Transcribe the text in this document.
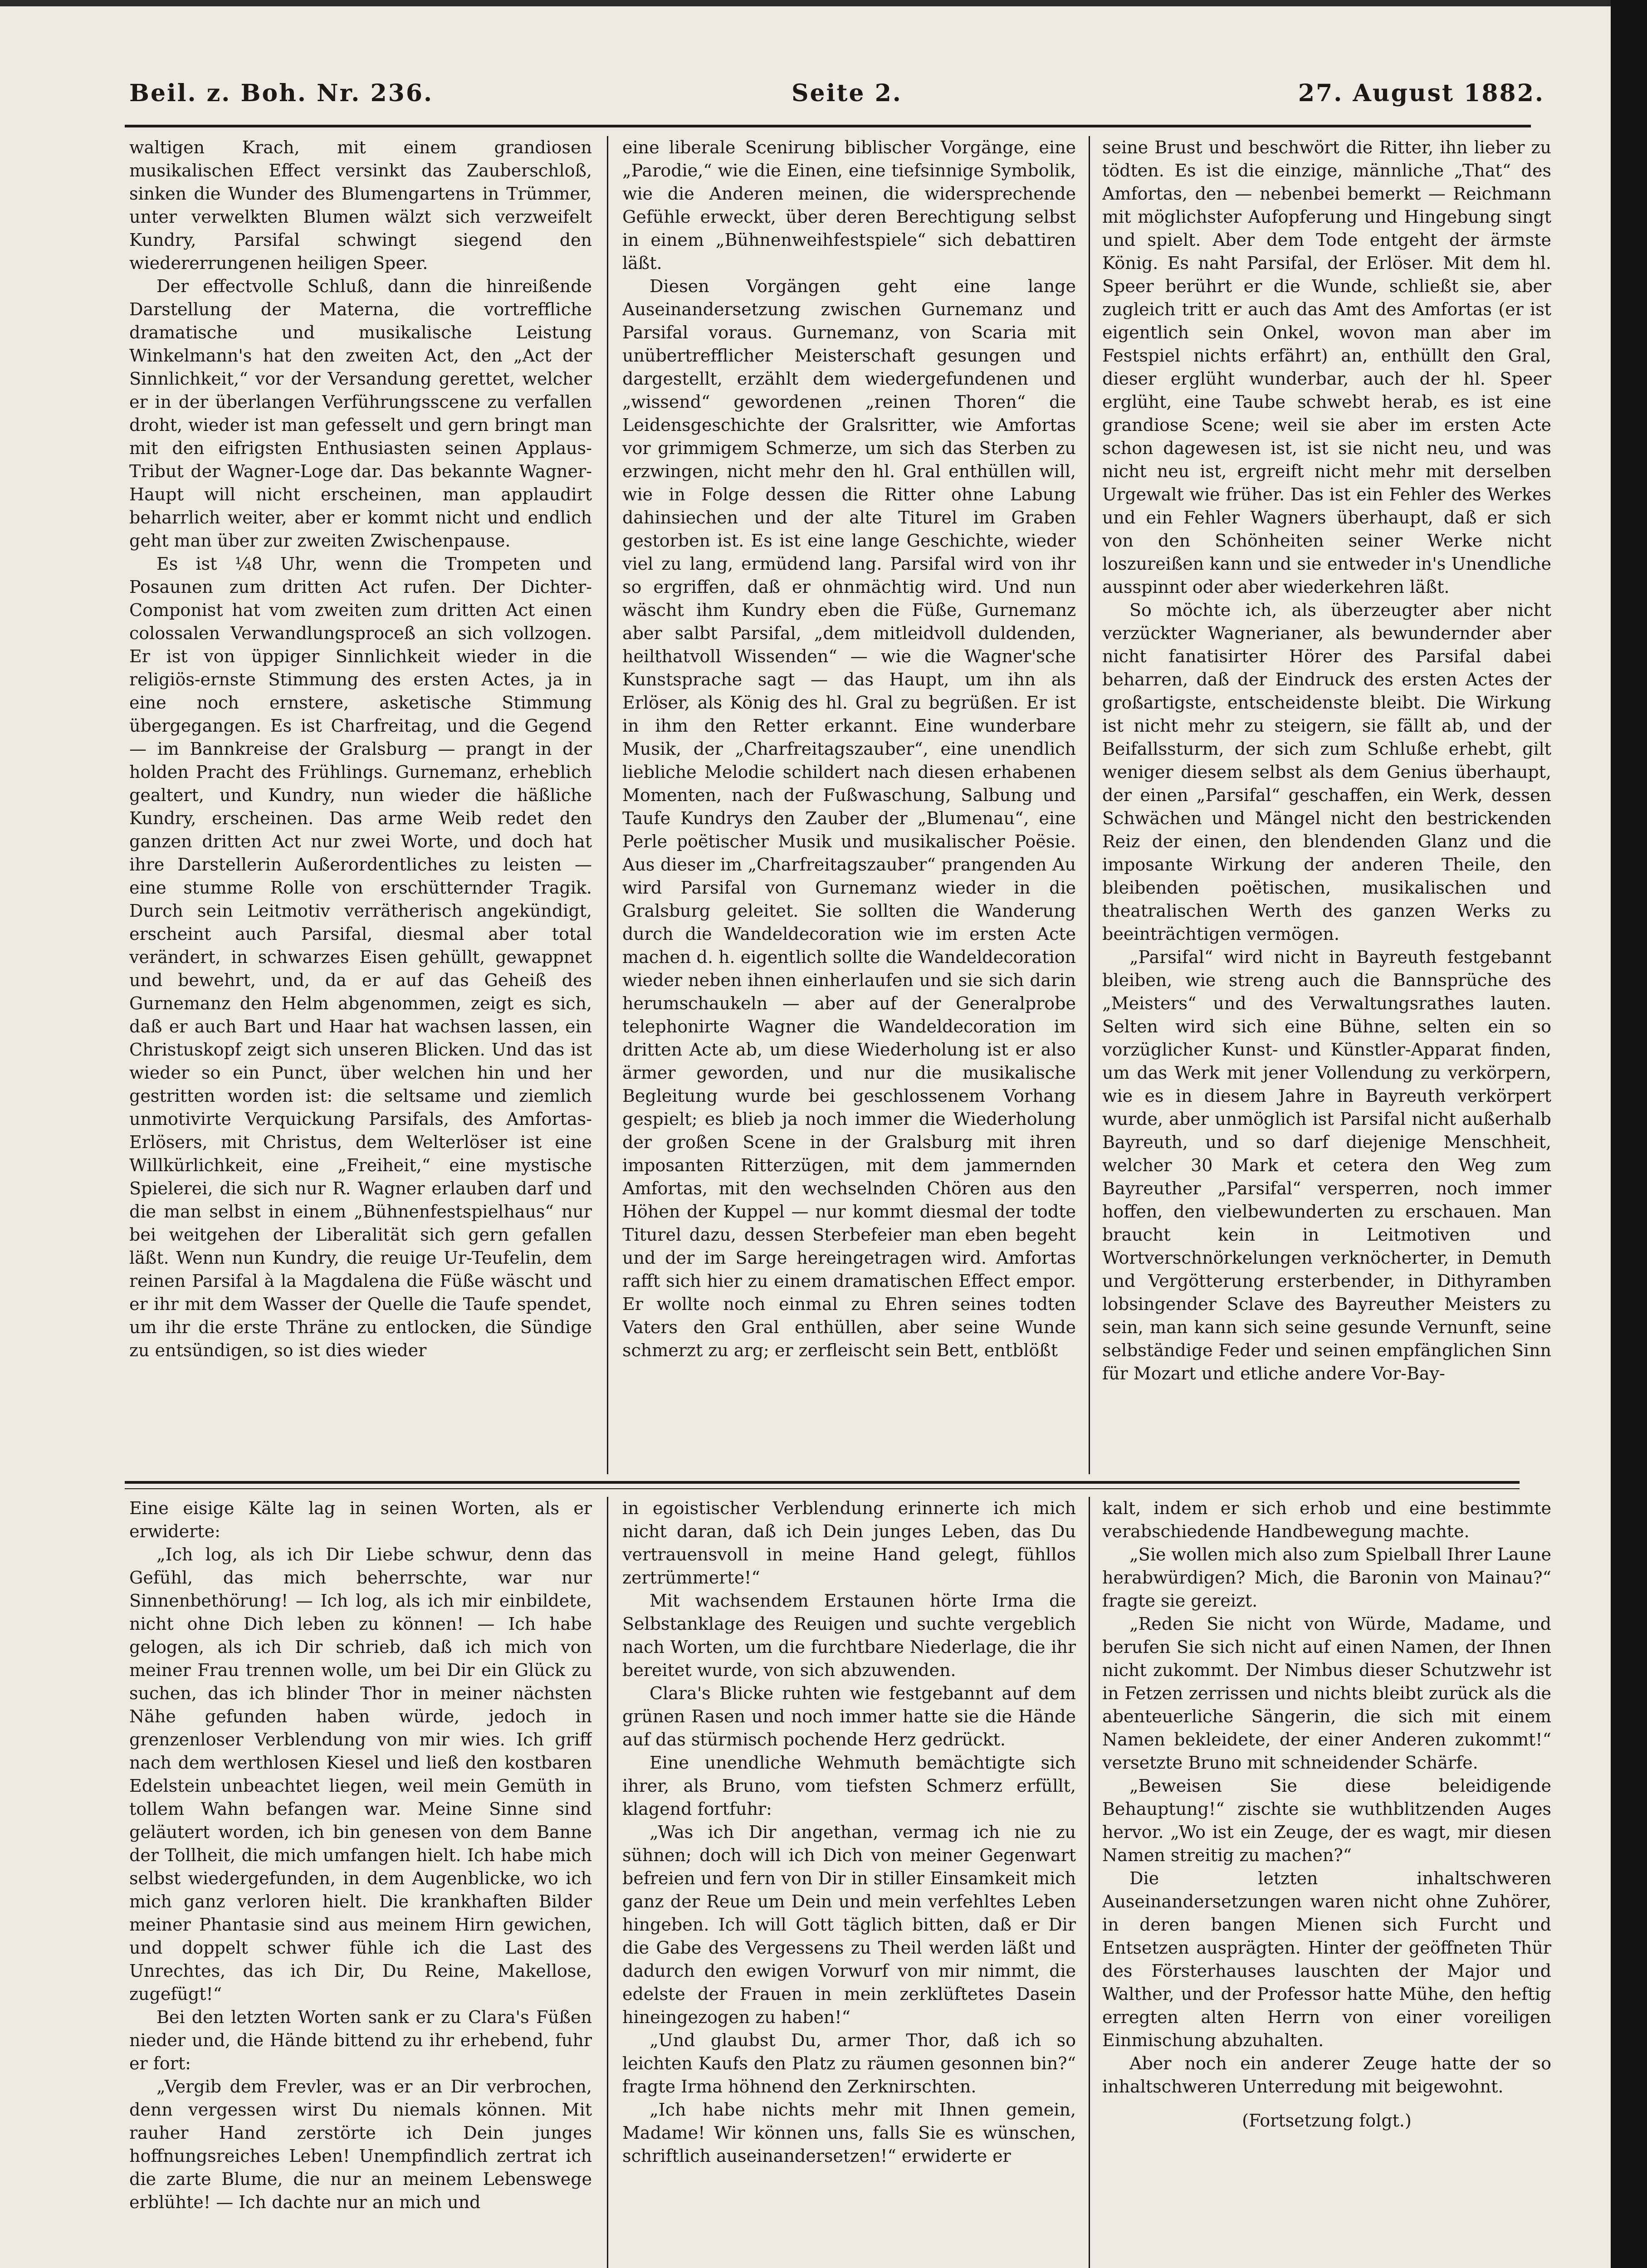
Beil. z. Boh. Nr. 236.	Seite 2.	27. August 1882.

waltigen Krach, mit einem grandiosen musikalischen Effect versinkt das Zauberschloß, sinken die Wunder des Blumengartens in Trümmer, unter verwelkten Blumen wälzt sich verzweifelt Kundry, Parsifal schwingt siegend den wiedererrungenen heiligen Speer.

Der effectvolle Schluß, dann die hinreißende Darstellung der Materna, die vortreffliche dramatische und musikalische Leistung Winkelmann's hat den zweiten Act, den „Act der Sinnlichkeit,“ vor der Versandung gerettet, welcher er in der überlangen Verführungsscene zu verfallen droht, wieder ist man gefesselt und gern bringt man mit den eifrigsten Enthusiasten seinen Applaus-Tribut der Wagner-Loge dar. Das bekannte Wagner-Haupt will nicht erscheinen, man applaudirt beharrlich weiter, aber er kommt nicht und endlich geht man über zur zweiten Zwischenpause.

Es ist ¼8 Uhr, wenn die Trompeten und Posaunen zum dritten Act rufen. Der Dichter-Componist hat vom zweiten zum dritten Act einen colossalen Verwandlungsproceß an sich vollzogen. Er ist von üppiger Sinnlichkeit wieder in die religiös-ernste Stimmung des ersten Actes, ja in eine noch ernstere, asketische Stimmung übergegangen. Es ist Charfreitag, und die Gegend — im Bannkreise der Gralsburg — prangt in der holden Pracht des Frühlings. Gurnemanz, erheblich gealtert, und Kundry, nun wieder die häßliche Kundry, erscheinen. Das arme Weib redet den ganzen dritten Act nur zwei Worte, und doch hat ihre Darstellerin Außerordentliches zu leisten — eine stumme Rolle von erschütternder Tragik. Durch sein Leitmotiv verrätherisch angekündigt, erscheint auch Parsifal, diesmal aber total verändert, in schwarzes Eisen gehüllt, gewappnet und bewehrt, und, da er auf das Geheiß des Gurnemanz den Helm abgenommen, zeigt es sich, daß er auch Bart und Haar hat wachsen lassen, ein Christuskopf zeigt sich unseren Blicken. Und das ist wieder so ein Punct, über welchen hin und her gestritten worden ist: die seltsame und ziemlich unmotivirte Verquickung Parsifals, des Amfortas-Erlösers, mit Christus, dem Welterlöser ist eine Willkürlichkeit, eine „Freiheit,“ eine mystische Spielerei, die sich nur R. Wagner erlauben darf und die man selbst in einem „Bühnenfestspielhaus“ nur bei weitgehen der Liberalität sich gern gefallen läßt. Wenn nun Kundry, die reuige Ur-Teufelin, dem reinen Parsifal à la Magdalena die Füße wäscht und er ihr mit dem Wasser der Quelle die Taufe spendet, um ihr die erste Thräne zu entlocken, die Sündige zu entsündigen, so ist dies wieder

eine liberale Scenirung biblischer Vorgänge, eine „Parodie,“ wie die Einen, eine tiefsinnige Symbolik, wie die Anderen meinen, die widersprechende Gefühle erweckt, über deren Berechtigung selbst in einem „Bühnenweihfestspiele“ sich debattiren läßt.

Diesen Vorgängen geht eine lange Auseinandersetzung zwischen Gurnemanz und Parsifal voraus. Gurnemanz, von Scaria mit unübertrefflicher Meisterschaft gesungen und dargestellt, erzählt dem wiedergefundenen und „wissend“ gewordenen „reinen Thoren“ die Leidensgeschichte der Gralsritter, wie Amfortas vor grimmigem Schmerze, um sich das Sterben zu erzwingen, nicht mehr den hl. Gral enthüllen will, wie in Folge dessen die Ritter ohne Labung dahinsiechen und der alte Titurel im Graben gestorben ist. Es ist eine lange Geschichte, wieder viel zu lang, ermüdend lang. Parsifal wird von ihr so ergriffen, daß er ohnmächtig wird. Und nun wäscht ihm Kundry eben die Füße, Gurnemanz aber salbt Parsifal, „dem mitleidvoll duldenden, heilthatvoll Wissenden“ — wie die Wagner'sche Kunstsprache sagt — das Haupt, um ihn als Erlöser, als König des hl. Gral zu begrüßen. Er ist in ihm den Retter erkannt. Eine wunderbare Musik, der „Charfreitagszauber“, eine unendlich liebliche Melodie schildert nach diesen erhabenen Momenten, nach der Fußwaschung, Salbung und Taufe Kundrys den Zauber der „Blumenau“, eine Perle poëtischer Musik und musikalischer Poësie. Aus dieser im „Charfreitagszauber“ prangenden Au wird Parsifal von Gurnemanz wieder in die Gralsburg geleitet. Sie sollten die Wanderung durch die Wandeldecoration wie im ersten Acte machen d. h. eigentlich sollte die Wandeldecoration wieder neben ihnen einherlaufen und sie sich darin herumschaukeln — aber auf der Generalprobe telephonirte Wagner die Wandeldecoration im dritten Acte ab, um diese Wiederholung ist er also ärmer geworden, und nur die musikalische Begleitung wurde bei geschlossenem Vorhang gespielt; es blieb ja noch immer die Wiederholung der großen Scene in der Gralsburg mit ihren imposanten Ritterzügen, mit dem jammernden Amfortas, mit den wechselnden Chören aus den Höhen der Kuppel — nur kommt diesmal der todte Titurel dazu, dessen Sterbefeier man eben begeht und der im Sarge hereingetragen wird. Amfortas rafft sich hier zu einem dramatischen Effect empor. Er wollte noch einmal zu Ehren seines todten Vaters den Gral enthüllen, aber seine Wunde schmerzt zu arg; er zerfleischt sein Bett, entblößt

seine Brust und beschwört die Ritter, ihn lieber zu tödten. Es ist die einzige, männliche „That“ des Amfortas, den — nebenbei bemerkt — Reichmann mit möglichster Aufopferung und Hingebung singt und spielt. Aber dem Tode entgeht der ärmste König. Es naht Parsifal, der Erlöser. Mit dem hl. Speer berührt er die Wunde, schließt sie, aber zugleich tritt er auch das Amt des Amfortas (er ist eigentlich sein Onkel, wovon man aber im Festspiel nichts erfährt) an, enthüllt den Gral, dieser erglüht wunderbar, auch der hl. Speer erglüht, eine Taube schwebt herab, es ist eine grandiose Scene; weil sie aber im ersten Acte schon dagewesen ist, ist sie nicht neu, und was nicht neu ist, ergreift nicht mehr mit derselben Urgewalt wie früher. Das ist ein Fehler des Werkes und ein Fehler Wagners überhaupt, daß er sich von den Schönheiten seiner Werke nicht loszureißen kann und sie entweder in's Unendliche ausspinnt oder aber wiederkehren läßt.

So möchte ich, als überzeugter aber nicht verzückter Wagnerianer, als bewundernder aber nicht fanatisirter Hörer des Parsifal dabei beharren, daß der Eindruck des ersten Actes der großartigste, entscheidenste bleibt. Die Wirkung ist nicht mehr zu steigern, sie fällt ab, und der Beifallssturm, der sich zum Schluße erhebt, gilt weniger diesem selbst als dem Genius überhaupt, der einen „Parsifal“ geschaffen, ein Werk, dessen Schwächen und Mängel nicht den bestrickenden Reiz der einen, den blendenden Glanz und die imposante Wirkung der anderen Theile, den bleibenden poëtischen, musikalischen und theatralischen Werth des ganzen Werks zu beeinträchtigen vermögen.

„Parsifal“ wird nicht in Bayreuth festgebannt bleiben, wie streng auch die Bannsprüche des „Meisters“ und des Verwaltungsrathes lauten. Selten wird sich eine Bühne, selten ein so vorzüglicher Kunst- und Künstler-Apparat finden, um das Werk mit jener Vollendung zu verkörpern, wie es in diesem Jahre in Bayreuth verkörpert wurde, aber unmöglich ist Parsifal nicht außerhalb Bayreuth, und so darf diejenige Menschheit, welcher 30 Mark et cetera den Weg zum Bayreuther „Parsifal“ versperren, noch immer hoffen, den vielbewunderten zu erschauen. Man braucht kein in Leitmotiven und Wortverschnörkelungen verknöcherter, in Demuth und Vergötterung ersterbender, in Dithyramben lobsingender Sclave des Bayreuther Meisters zu sein, man kann sich seine gesunde Vernunft, seine selbständige Feder und seinen empfänglichen Sinn für Mozart und etliche andere Vor-Bay-

Eine eisige Kälte lag in seinen Worten, als er erwiderte:

„Ich log, als ich Dir Liebe schwur, denn das Gefühl, das mich beherrschte, war nur Sinnenbethörung! — Ich log, als ich mir einbildete, nicht ohne Dich leben zu können! — Ich habe gelogen, als ich Dir schrieb, daß ich mich von meiner Frau trennen wolle, um bei Dir ein Glück zu suchen, das ich blinder Thor in meiner nächsten Nähe gefunden haben würde, jedoch in grenzenloser Verblendung von mir wies. Ich griff nach dem werthlosen Kiesel und ließ den kostbaren Edelstein unbeachtet liegen, weil mein Gemüth in tollem Wahn befangen war. Meine Sinne sind geläutert worden, ich bin genesen von dem Banne der Tollheit, die mich umfangen hielt. Ich habe mich selbst wiedergefunden, in dem Augenblicke, wo ich mich ganz verloren hielt. Die krankhaften Bilder meiner Phantasie sind aus meinem Hirn gewichen, und doppelt schwer fühle ich die Last des Unrechtes, das ich Dir, Du Reine, Makellose, zugefügt!“

Bei den letzten Worten sank er zu Clara's Füßen nieder und, die Hände bittend zu ihr erhebend, fuhr er fort:

„Vergib dem Frevler, was er an Dir verbrochen, denn vergessen wirst Du niemals können. Mit rauher Hand zerstörte ich Dein junges hoffnungsreiches Leben! Unempfindlich zertrat ich die zarte Blume, die nur an meinem Lebenswege erblühte! — Ich dachte nur an mich und

in egoistischer Verblendung erinnerte ich mich nicht daran, daß ich Dein junges Leben, das Du vertrauensvoll in meine Hand gelegt, fühllos zertrümmerte!“

Mit wachsendem Erstaunen hörte Irma die Selbstanklage des Reuigen und suchte vergeblich nach Worten, um die furchtbare Niederlage, die ihr bereitet wurde, von sich abzuwenden.

Clara's Blicke ruhten wie festgebannt auf dem grünen Rasen und noch immer hatte sie die Hände auf das stürmisch pochende Herz gedrückt.

Eine unendliche Wehmuth bemächtigte sich ihrer, als Bruno, vom tiefsten Schmerz erfüllt, klagend fortfuhr:

„Was ich Dir angethan, vermag ich nie zu sühnen; doch will ich Dich von meiner Gegenwart befreien und fern von Dir in stiller Einsamkeit mich ganz der Reue um Dein und mein verfehltes Leben hingeben. Ich will Gott täglich bitten, daß er Dir die Gabe des Vergessens zu Theil werden läßt und dadurch den ewigen Vorwurf von mir nimmt, die edelste der Frauen in mein zerklüftetes Dasein hineingezogen zu haben!“

„Und glaubst Du, armer Thor, daß ich so leichten Kaufs den Platz zu räumen gesonnen bin?“ fragte Irma höhnend den Zerknirschten.

„Ich habe nichts mehr mit Ihnen gemein, Madame! Wir können uns, falls Sie es wünschen, schriftlich auseinandersetzen!“ erwiderte er

kalt, indem er sich erhob und eine bestimmte verabschiedende Handbewegung machte.

„Sie wollen mich also zum Spielball Ihrer Laune herabwürdigen? Mich, die Baronin von Mainau?“ fragte sie gereizt.

„Reden Sie nicht von Würde, Madame, und berufen Sie sich nicht auf einen Namen, der Ihnen nicht zukommt. Der Nimbus dieser Schutzwehr ist in Fetzen zerrissen und nichts bleibt zurück als die abenteuerliche Sängerin, die sich mit einem Namen bekleidete, der einer Anderen zukommt!“ versetzte Bruno mit schneidender Schärfe.

„Beweisen Sie diese beleidigende Behauptung!“ zischte sie wuthblitzenden Auges hervor. „Wo ist ein Zeuge, der es wagt, mir diesen Namen streitig zu machen?“

Die letzten inhaltschweren Auseinandersetzungen waren nicht ohne Zuhörer, in deren bangen Mienen sich Furcht und Entsetzen ausprägten. Hinter der geöffneten Thür des Försterhauses lauschten der Major und Walther, und der Professor hatte Mühe, den heftig erregten alten Herrn von einer voreiligen Einmischung abzuhalten.

Aber noch ein anderer Zeuge hatte der so inhaltschweren Unterredung mit beigewohnt.

(Fortsetzung folgt.)
